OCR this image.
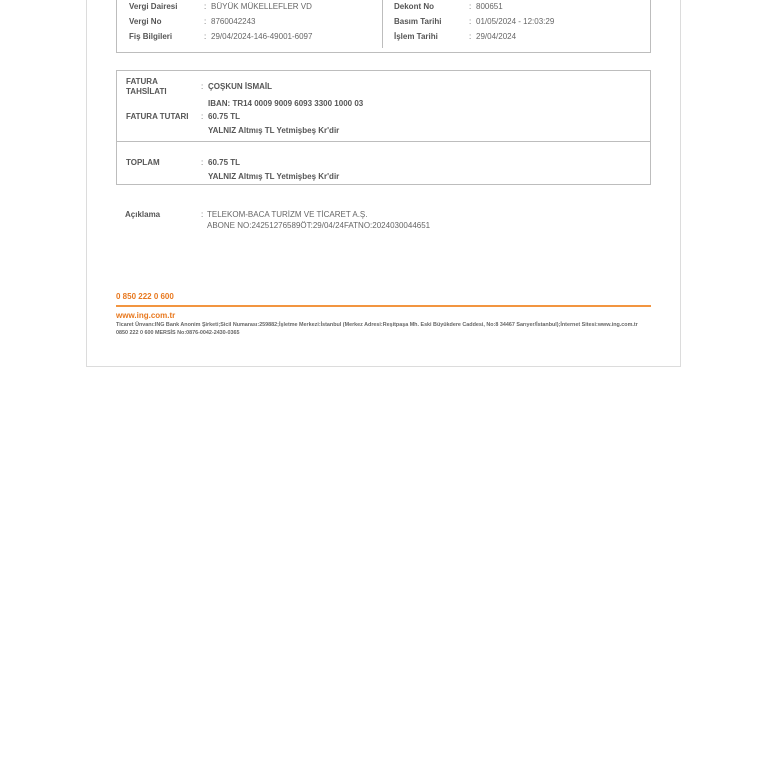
Vergi Dairesi	: BÜYÜK MÜKELLEFLER VD
Vergi No	: 8760042243
Fiş Bilgileri	: 29/04/2024-146-49001-6097
Dekont No	: 800651
Basım Tarihi	: 01/05/2024 - 12:03:29
İşlem Tarihi	: 29/04/2024
FATURA
TAHSİLATI
: ÇOŞKUN İSMAİL
IBAN: TR14 0009 9009 6093 3300 1000 03
FATURA TUTARI : 60.75 TL
YALNIZ Altmış TL Yetmişbeş Kr'dir
TOPLAM	: 60.75 TL
YALNIZ Altmış TL Yetmişbeş Kr'dir
Açıklama	: TELEKOM-BACA TURİZM VE TİCARET A.Ş.
ABONE NO:24251276589ÖT:29/04/24FATNO:2024030044651
0 850 222 0 600
www.ing.com.tr
Ticaret Ünvanı:ING Bank Anonim Şirketi;Sicil Numarası:259882;İşletme Merkezi:İstanbul (Merkez Adresi:Reşitpaşa Mh. Eski Büyükdere Caddesi, No:8 34467 Sarıyer/İstanbul);İnternet Sitesi:www.ing.com.tr 0850 222 0 600 MERSİS No:0876-0042-2430-0365
